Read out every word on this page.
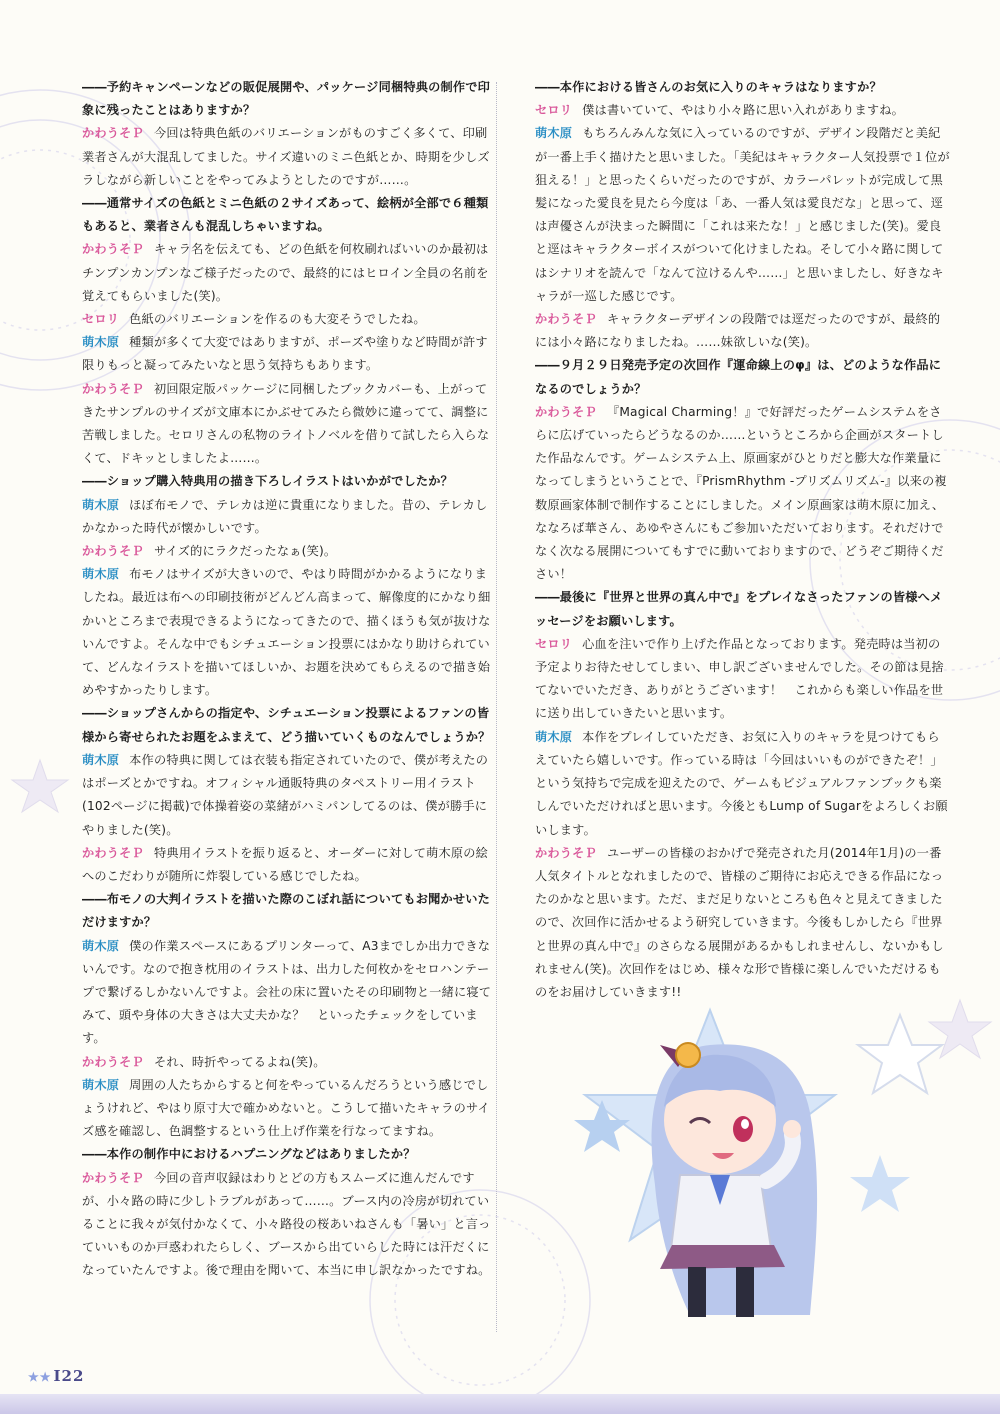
――予約キャンペーンなどの販促展開や、パッケージ同梱特典の制作で印象に残ったことはありますか？

かわうそＰ 今回は特典色紙のバリエーションがものすごく多くて、印刷業者さんが大混乱してました。サイズ違いのミニ色紙とか、時期を少しズラしながら新しいことをやってみようとしたのですが……。

――通常サイズの色紙とミニ色紙の２サイズあって、絵柄が全部で６種類もあると、業者さんも混乱しちゃいますね。

かわうそＰ キャラ名を伝えても、どの色紙を何枚刷ればいいのか最初はチンプンカンプンなご様子だったので、最終的にはヒロイン全員の名前を覚えてもらいました(笑)。

セロリ 色紙のバリエーションを作るのも大変そうでしたね。

萌木原 種類が多くて大変ではありますが、ポーズや塗りなど時間が許す限りもっと凝ってみたいなと思う気持ちもあります。

かわうそＰ 初回限定版パッケージに同梱したブックカバーも、上がってきたサンプルのサイズが文庫本にかぶせてみたら微妙に違ってて、調整に苦戦しました。セロリさんの私物のライトノベルを借りて試したら入らなくて、ドキッとしましたよ……。

――ショップ購入特典用の描き下ろしイラストはいかがでしたか？

萌木原 ほぼ布モノで、テレカは逆に貴重になりました。昔の、テレカしかなかった時代が懐かしいです。

かわうそＰ サイズ的にラクだったなぁ(笑)。

萌木原 布モノはサイズが大きいので、やはり時間がかかるようになりましたね。最近は布への印刷技術がどんどん高まって、解像度的にかなり細かいところまで表現できるようになってきたので、描くほうも気が抜けないんですよ。そんな中でもシチュエーション投票にはかなり助けられていて、どんなイラストを描いてほしいか、お題を決めてもらえるので描き始めやすかったりします。

――ショップさんからの指定や、シチュエーション投票によるファンの皆様から寄せられたお題をふまえて、どう描いていくものなんでしょうか？

萌木原 本作の特典に関しては衣装も指定されていたので、僕が考えたのはポーズとかですね。オフィシャル通販特典のタペストリー用イラスト(102ページに掲載)で体操着姿の菜緒がハミパンしてるのは、僕が勝手にやりました(笑)。

かわうそＰ 特典用イラストを振り返ると、オーダーに対して萌木原の絵へのこだわりが随所に炸裂している感じでしたね。

――布モノの大判イラストを描いた際のこぼれ話についてもお聞かせいただけますか？

萌木原 僕の作業スペースにあるプリンターって、A3までしか出力できないんです。なので抱き枕用のイラストは、出力した何枚かをセロハンテープで繋げるしかないんですよ。会社の床に置いたその印刷物と一緒に寝てみて、頭や身体の大きさは大丈夫かな？　といったチェックをしています。

かわうそＰ それ、時折やってるよね(笑)。

萌木原 周囲の人たちからすると何をやっているんだろうという感じでしょうけれど、やはり原寸大で確かめないと。こうして描いたキャラのサイズ感を確認し、色調整するという仕上げ作業を行なってますね。

――本作の制作中におけるハプニングなどはありましたか？

かわうそＰ 今回の音声収録はわりとどの方もスムーズに進んだんですが、小々路の時に少しトラブルがあって……。ブース内の冷房が切れていることに我々が気付かなくて、小々路役の桜あいねさんも「暑い」と言っていいものか戸惑われたらしく、ブースから出ていらした時には汗だくになっていたんですよ。後で理由を聞いて、本当に申し訳なかったですね。

――本作における皆さんのお気に入りのキャラはなりますか？

セロリ 僕は書いていて、やはり小々路に思い入れがありますね。

萌木原 もちろんみんな気に入っているのですが、デザイン段階だと美紀が一番上手く描けたと思いました。「美紀はキャラクター人気投票で１位が狙える！」と思ったくらいだったのですが、カラーパレットが完成して黒髪になった愛良を見たら今度は「あ、一番人気は愛良だな」と思って、逕は声優さんが決まった瞬間に「これは来たな！」と感じました(笑)。愛良と逕はキャラクターボイスがついて化けましたね。そして小々路に関してはシナリオを読んで「なんて泣けるんや……」と思いましたし、好きなキャラが一巡した感じです。

かわうそＰ キャラクターデザインの段階では逕だったのですが、最終的には小々路になりましたね。……妹欲しいな(笑)。

――９月２９日発売予定の次回作『運命線上のφ』は、どのような作品になるのでしょうか？

かわうそＰ 『Magical Charming！』で好評だったゲームシステムをさらに広げていったらどうなるのか……というところから企画がスタートした作品なんです。ゲームシステム上、原画家がひとりだと膨大な作業量になってしまうということで、『PrismRhythm -プリズムリズム-』以来の複数原画家体制で制作することにしました。メイン原画家は萌木原に加え、ななろば華さん、あゆやさんにもご参加いただいております。それだけでなく次なる展開についてもすでに動いておりますので、どうぞご期待ください！

――最後に『世界と世界の真ん中で』をプレイなさったファンの皆様へメッセージをお願いします。

セロリ 心血を注いで作り上げた作品となっております。発売時は当初の予定よりお待たせしてしまい、申し訳ございませんでした。その節は見捨てないでいただき、ありがとうございます！　これからも楽しい作品を世に送り出していきたいと思います。

萌木原 本作をプレイしていただき、お気に入りのキャラを見つけてもらえていたら嬉しいです。作っている時は「今回はいいものができたぞ！」という気持ちで完成を迎えたので、ゲームもビジュアルファンブックも楽しんでいただければと思います。今後ともLump of Sugarをよろしくお願いします。

かわうそＰ ユーザーの皆様のおかげで発売された月(2014年1月)の一番人気タイトルとなれましたので、皆様のご期待にお応えできる作品になったのかなと思います。ただ、まだ足りないところも色々と見えてきましたので、次回作に活かせるよう研究していきます。今後もしかしたら『世界と世界の真ん中で』のさらなる展開があるかもしれませんし、ないかもしれません(笑)。次回作をはじめ、様々な形で皆様に楽しんでいただけるものをお届けしていきます!!

★★ I22
